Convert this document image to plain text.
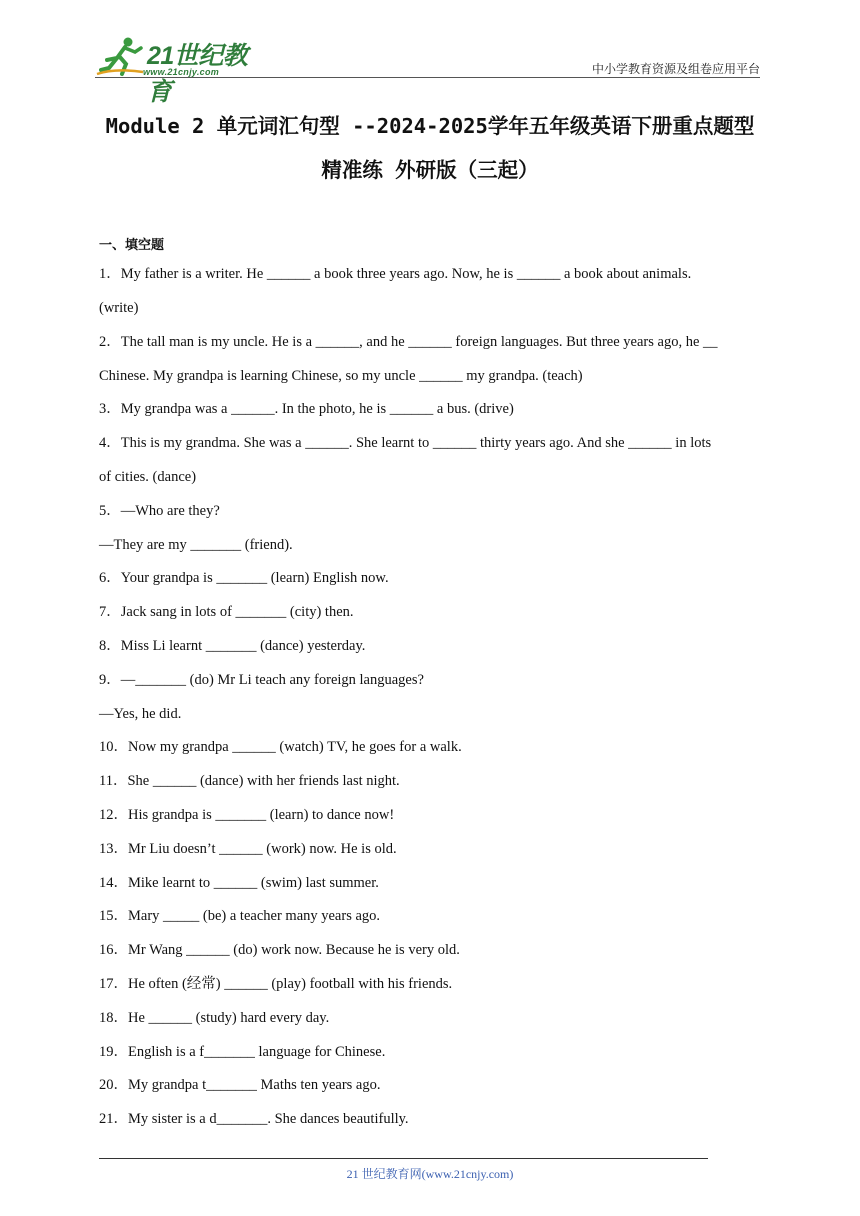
21世纪教育
www.21cnjy.com	中小学教育资源及组卷应用平台
Module 2 单元词汇句型 --2024-2025学年五年级英语下册重点题型
精准练 外研版（三起）
一、填空题
1．My father is a writer. He ______ a book three years ago. Now, he is ______ a book about animals.
(write)
2．The tall man is my uncle. He is a ______, and he ______ foreign languages. But three years ago, he __
Chinese. My grandpa is learning Chinese, so my uncle ______ my grandpa. (teach)
3．My grandpa was a ______. In the photo, he is ______ a bus. (drive)
4．This is my grandma. She was a ______. She learnt to ______ thirty years ago. And she ______ in lots
of cities. (dance)
5．—Who are they?
—They are my _______ (friend).
6．Your grandpa is _______ (learn) English now.
7．Jack sang in lots of _______ (city) then.
8．Miss Li learnt _______ (dance) yesterday.
9．—_______ (do) Mr Li teach any foreign languages?
—Yes, he did.
10．Now my grandpa ______ (watch) TV, he goes for a walk.
11．She ______ (dance) with her friends last night.
12．His grandpa is _______ (learn) to dance now!
13．Mr Liu doesn’t ______ (work) now. He is old.
14．Mike learnt to ______ (swim) last summer.
15．Mary _____ (be) a teacher many years ago.
16．Mr Wang ______ (do) work now. Because he is very old.
17．He often (经常) ______ (play) football with his friends.
18．He ______ (study) hard every day.
19．English is a f_______ language for Chinese.
20．My grandpa t_______ Maths ten years ago.
21．My sister is a d_______. She dances beautifully.
21 世纪教育网(www.21cnjy.com)
